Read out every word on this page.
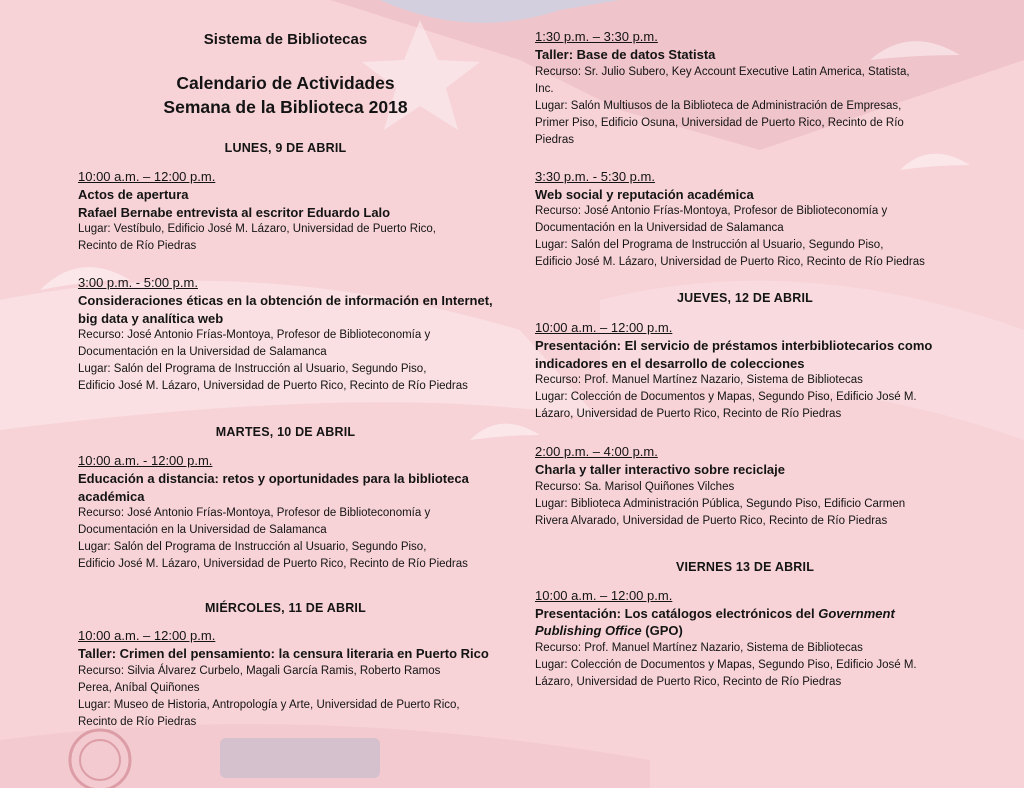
Sistema de Bibliotecas
Calendario de Actividades
Semana de la Biblioteca 2018
LUNES, 9 DE ABRIL
10:00 a.m. – 12:00 p.m.
Actos de apertura
Rafael Bernabe entrevista al escritor Eduardo Lalo
Lugar: Vestíbulo, Edificio José M. Lázaro, Universidad de Puerto Rico,
Recinto de Río Piedras
3:00 p.m. - 5:00 p.m.
Consideraciones éticas en la obtención de información en Internet,
big data y analítica web
Recurso: José Antonio Frías-Montoya, Profesor de Biblioteconomía y
Documentación en la Universidad de Salamanca
Lugar: Salón del Programa de Instrucción al Usuario, Segundo Piso,
Edificio José M. Lázaro, Universidad de Puerto Rico, Recinto de Río Piedras
MARTES, 10 DE ABRIL
10:00 a.m. - 12:00 p.m.
Educación a distancia: retos y oportunidades para la biblioteca
académica
Recurso: José Antonio Frías-Montoya, Profesor de Biblioteconomía y
Documentación en la Universidad de Salamanca
Lugar: Salón del Programa de Instrucción al Usuario, Segundo Piso,
Edificio José M. Lázaro, Universidad de Puerto Rico, Recinto de Río Piedras
MIÉRCOLES, 11 DE ABRIL
10:00 a.m. – 12:00 p.m.
Taller: Crimen del pensamiento: la censura literaria en Puerto Rico
Recurso: Silvia Álvarez Curbelo, Magali García Ramis, Roberto Ramos
Perea, Aníbal Quiñones
Lugar: Museo de Historia, Antropología y Arte, Universidad de Puerto Rico,
Recinto de Río Piedras
1:30 p.m. – 3:30 p.m.
Taller: Base de datos Statista
Recurso: Sr. Julio Subero, Key Account Executive Latin America, Statista,
Inc.
Lugar: Salón Multiusos de la Biblioteca de Administración de Empresas,
Primer Piso, Edificio Osuna, Universidad de Puerto Rico, Recinto de Río
Piedras
3:30 p.m. - 5:30 p.m.
Web social y reputación académica
Recurso: José Antonio Frías-Montoya, Profesor de Biblioteconomía y
Documentación en la Universidad de Salamanca
Lugar: Salón del Programa de Instrucción al Usuario, Segundo Piso,
Edificio José M. Lázaro, Universidad de Puerto Rico, Recinto de Río Piedras
JUEVES, 12 DE ABRIL
10:00 a.m. – 12:00 p.m.
Presentación: El servicio de préstamos interbibliotecarios como
indicadores en el desarrollo de colecciones
Recurso: Prof. Manuel Martínez Nazario, Sistema de Bibliotecas
Lugar: Colección de Documentos y Mapas, Segundo Piso, Edificio José M.
Lázaro, Universidad de Puerto Rico, Recinto de Río Piedras
2:00 p.m. – 4:00 p.m.
Charla y taller interactivo sobre reciclaje
Recurso: Sa. Marisol Quiñones Vilches
Lugar: Biblioteca Administración Pública, Segundo Piso, Edificio Carmen
Rivera Alvarado, Universidad de Puerto Rico, Recinto de Río Piedras
VIERNES 13 DE ABRIL
10:00 a.m. – 12:00 p.m.
Presentación: Los catálogos electrónicos del Government
Publishing Office (GPO)
Recurso: Prof. Manuel Martínez Nazario, Sistema de Bibliotecas
Lugar: Colección de Documentos y Mapas, Segundo Piso, Edificio José M.
Lázaro, Universidad de Puerto Rico, Recinto de Río Piedras
